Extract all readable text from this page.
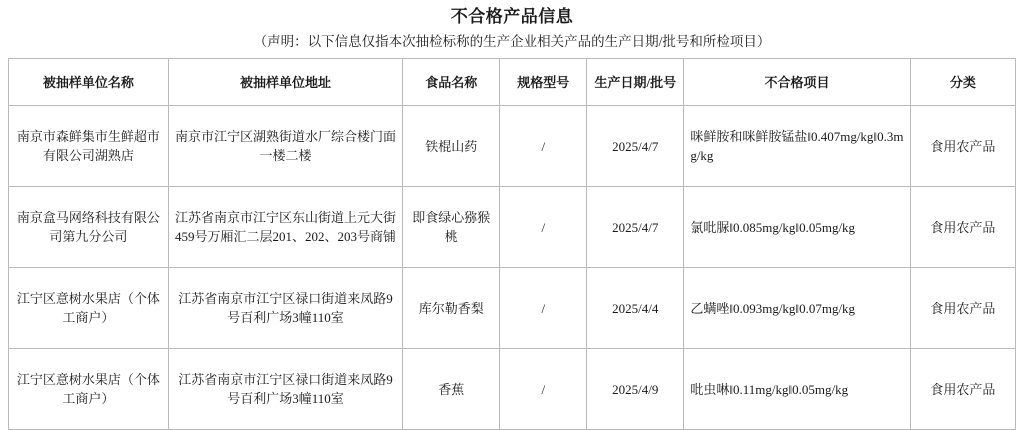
不合格产品信息
（声明：以下信息仅指本次抽检标称的生产企业相关产品的生产日期/批号和所检项目）
被抽样单位名称	被抽样单位地址	食品名称	规格型号	生产日期/批号	不合格项目	分类
南京市森鲜集市生鲜超市有限公司湖熟店	南京市江宁区湖熟街道水厂综合楼门面一楼二楼	铁棍山药	/	2025/4/7	咪鲜胺和咪鲜胺锰盐‖0.407mg/kg‖0.3mg/kg	食用农产品
南京盒马网络科技有限公司第九分公司	江苏省南京市江宁区东山街道上元大街459号万厢汇二层201、202、203号商铺	即食绿心猕猴桃	/	2025/4/7	氯吡脲‖0.085mg/kg‖0.05mg/kg	食用农产品
江宁区意树水果店（个体工商户）	江苏省南京市江宁区禄口街道来凤路9号百利广场3幢110室	库尔勒香梨	/	2025/4/4	乙螨唑‖0.093mg/kg‖0.07mg/kg	食用农产品
江宁区意树水果店（个体工商户）	江苏省南京市江宁区禄口街道来凤路9号百利广场3幢110室	香蕉	/	2025/4/9	吡虫啉‖0.11mg/kg‖0.05mg/kg	食用农产品
